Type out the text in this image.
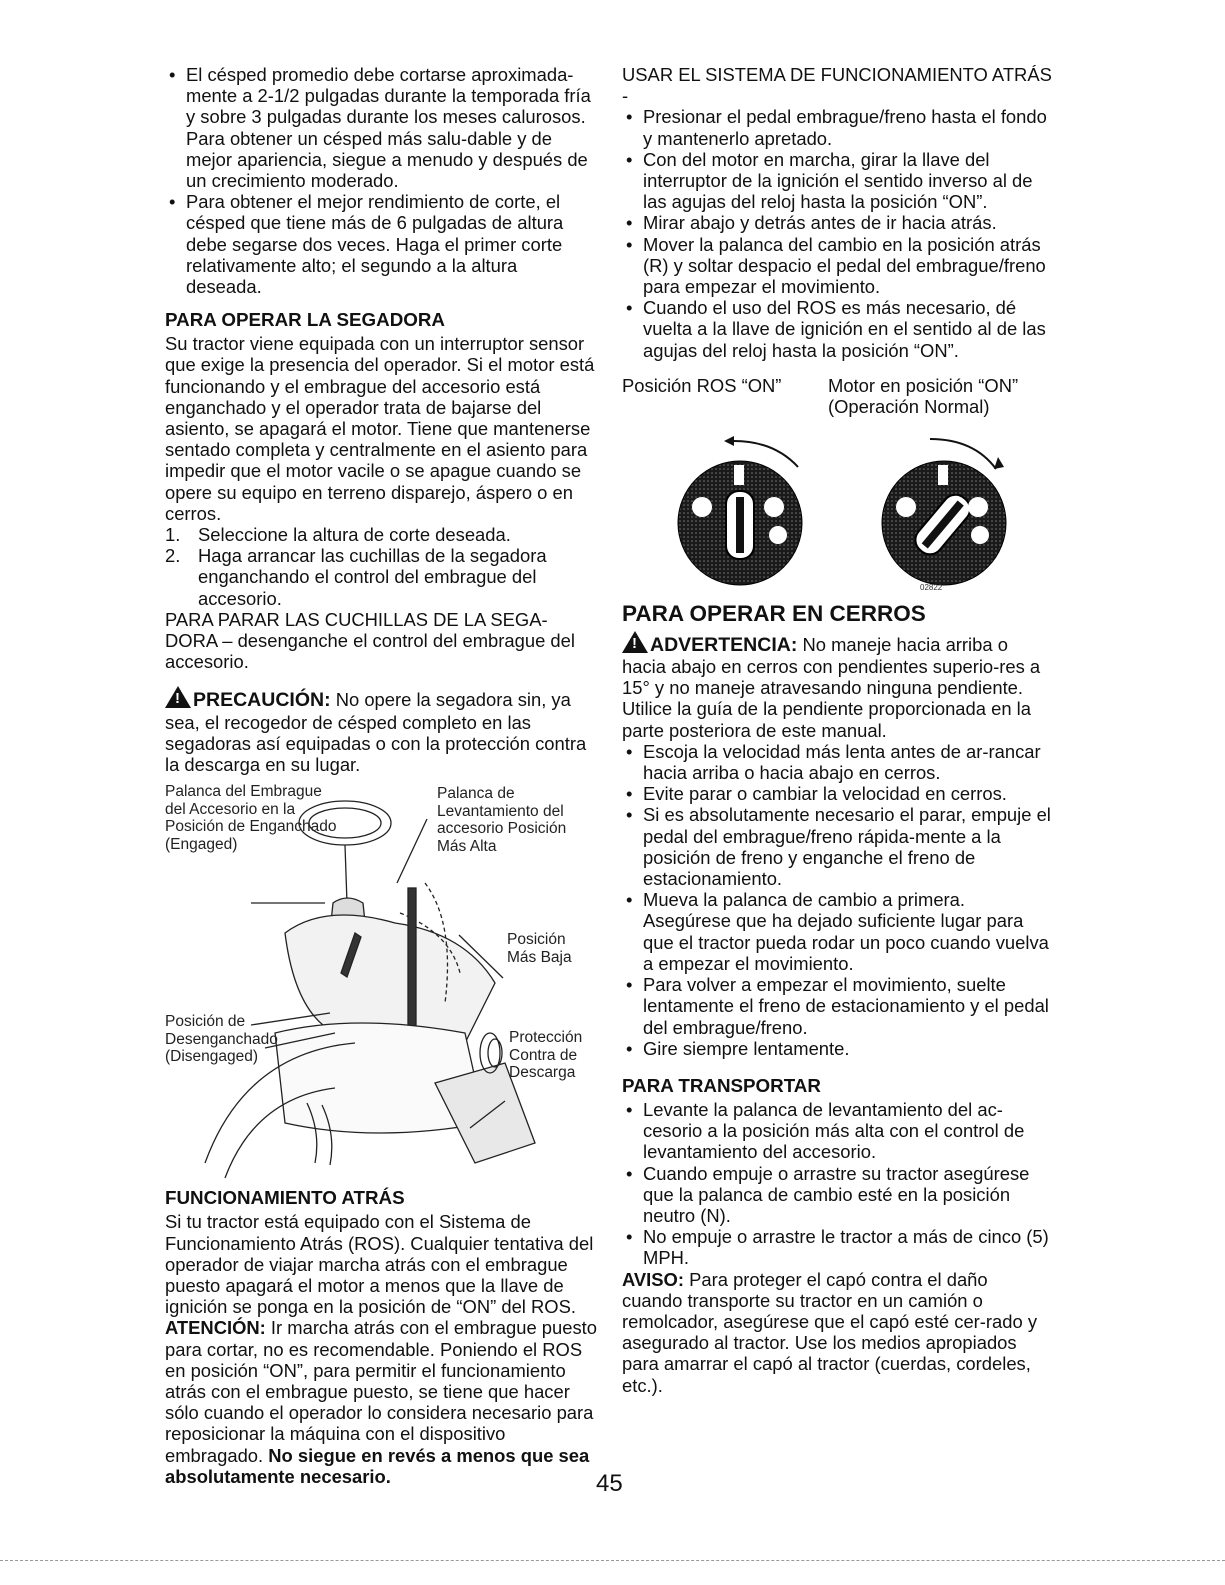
• El césped promedio debe cortarse aproximada-mente a 2-1/2 pulgadas durante la temporada fría y sobre 3 pulgadas durante los meses calurosos. Para obtener un césped más salu-dable y de mejor apariencia, siegue a menudo y después de un crecimiento moderado.
• Para obtener el mejor rendimiento de corte, el césped que tiene más de 6 pulgadas de altura debe segarse dos veces. Haga el primer corte relativamente alto; el segundo a la altura deseada.
PARA OPERAR LA SEGADORA

Su tractor viene equipada con un interruptor sensor que exige la presencia del operador. Si el motor está funcionando y el embrague del accesorio está enganchado y el operador trata de bajarse del asiento, se apagará el motor. Tiene que mantenerse sentado completa y centralmente en el asiento para impedir que el motor vacile o se apague cuando se opere su equipo en terreno disparejo, áspero o en cerros.

1. Seleccione la altura de corte deseada.
2. Haga arrancar las cuchillas de la segadora enganchando el control del embrague del accesorio.

PARA PARAR LAS CUCHILLAS DE LA SEGA-DORA – desenganche el control del embrague del accesorio.

!PRECAUCIÓN: No opere la segadora sin, ya sea, el recogedor de césped completo en las segadoras así equipadas o con la protección contra la descarga en su lugar.

Palanca del Embrague del Accesorio en la Posición de Enganchado (Engaged)
Palanca de Levantamiento del accesorio Posición Más Alta
Posición Más Baja
Posición de Desenganchado (Disengaged)
Protección Contra de Descarga
FUNCIONAMIENTO ATRÁS

Si tu tractor está equipado con el Sistema de Funcionamiento Atrás (ROS). Cualquier tentativa del operador de viajar marcha atrás con el embrague puesto apagará el motor a menos que la llave de ignición se ponga en la posición de “ON” del ROS.

ATENCIÓN: Ir marcha atrás con el embrague puesto para cortar, no es recomendable. Poniendo el ROS en posición “ON”, para permitir el funcionamiento atrás con el embrague puesto, se tiene que hacer sólo cuando el operador lo considera necesario para reposicionar la máquina con el dispositivo embragado. No siegue en revés a menos que sea absolutamente necesario.

USAR EL SISTEMA DE FUNCIONAMIENTO ATRÁS -

• Presionar el pedal embrague/freno hasta el fondo y mantenerlo apretado.
• Con del motor en marcha, girar la llave del interruptor de la ignición el sentido inverso al de las agujas del reloj hasta la posición “ON”.
• Mirar abajo y detrás antes de ir hacia atrás.
• Mover la palanca del cambio en la posición atrás (R) y soltar despacio el pedal del embrague/freno para empezar el movimiento.
• Cuando el uso del ROS es más necesario, dé vuelta a la llave de ignición en el sentido al de las agujas del reloj hasta la posición “ON”.
Posición ROS “ON”	Motor en posición “ON” (Operación Normal)
02822
PARA OPERAR EN CERROS

!ADVERTENCIA: No maneje hacia arriba o hacia abajo en cerros con pendientes superio-res a 15° y no maneje atravesando ninguna pendiente. Utilice la guía de la pendiente proporcionada en la parte posteriora de este manual.

• Escoja la velocidad más lenta antes de ar-rancar hacia arriba o hacia abajo en cerros.
• Evite parar o cambiar la velocidad en cerros.
• Si es absolutamente necesario el parar, empuje el pedal del embrague/freno rápida-mente a la posición de freno y enganche el freno de estacionamiento.
• Mueva la palanca de cambio a primera. Asegúrese que ha dejado suficiente lugar para que el tractor pueda rodar un poco cuando vuelva a empezar el movimiento.
• Para volver a empezar el movimiento, suelte lentamente el freno de estacionamiento y el pedal del embrague/freno.
• Gire siempre lentamente.
PARA TRANSPORTAR
• Levante la palanca de levantamiento del ac-cesorio a la posición más alta con el control de levantamiento del accesorio.
• Cuando empuje o arrastre su tractor asegúrese que la palanca de cambio esté en la posición neutro (N).
• No empuje o arrastre le tractor a más de cinco (5) MPH.

AVISO: Para proteger el capó contra el daño cuando transporte su tractor en un camión o remolcador, asegúrese que el capó esté cer-rado y asegurado al tractor. Use los medios apropiados para amarrar el capó al tractor (cuerdas, cordeles, etc.).

45
